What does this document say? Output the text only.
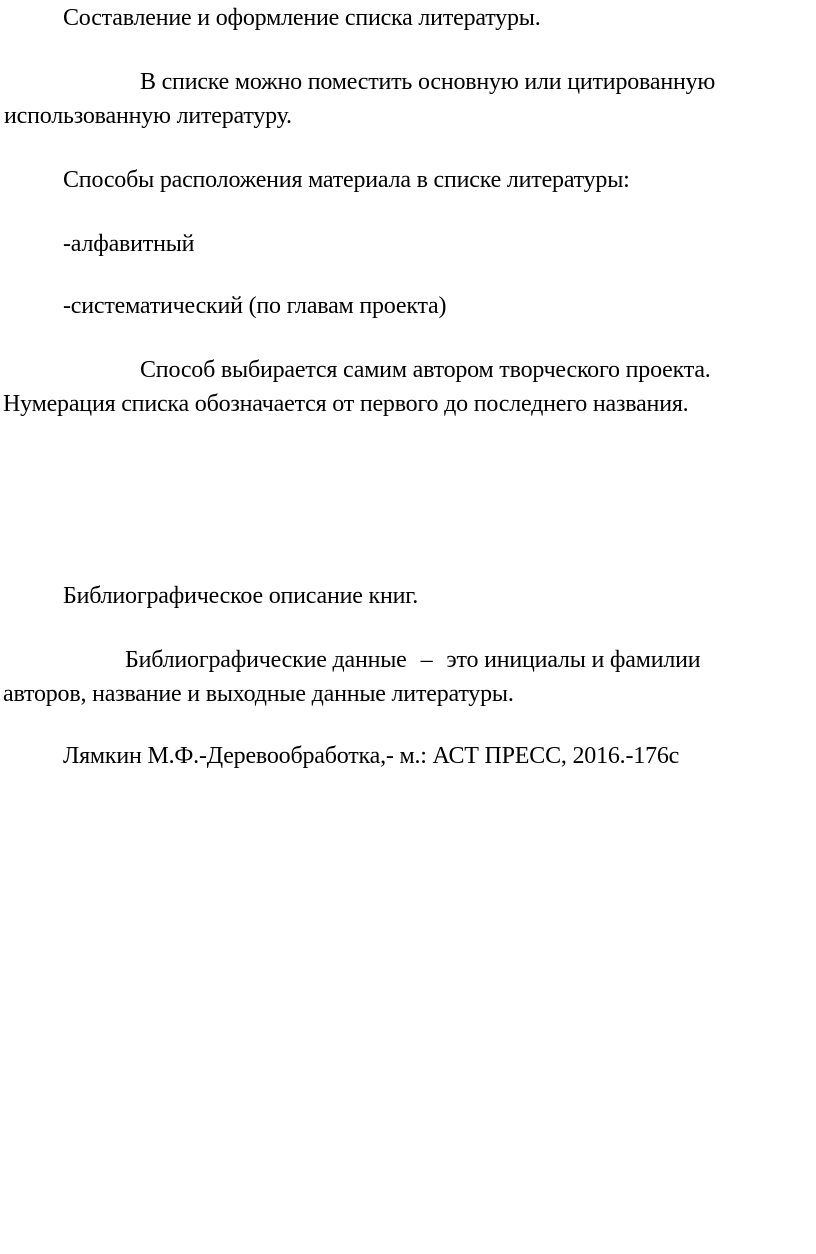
Составление и оформление списка литературы.
В списке можно поместить основную или цитированную
использованную литературу.
Способы расположения материала в списке литературы:
-алфавитный
-систематический (по главам проекта)
Способ выбирается самим автором творческого проекта.
Нумерация списка обозначается от первого до последнего названия.
Библиографическое описание книг.
Библиографические данные – это инициалы и фамилии
авторов, название и выходные данные литературы.
Лямкин М.Ф.-Деревообработка,- м.: АСТ ПРЕСС, 2016.-176с
